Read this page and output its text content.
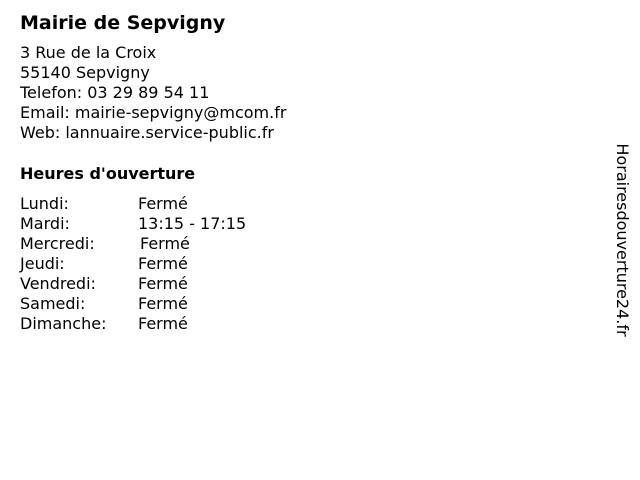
Mairie de Sepvigny
3 Rue de la Croix
55140 Sepvigny
Telefon: 03 29 89 54 11
Email: mairie-sepvigny@mcom.fr
Web: lannuaire.service-public.fr
Heures d'ouverture
Lundi:	Fermé
Mardi:	13:15 - 17:15
Mercredi:	Fermé
Jeudi:	Fermé
Vendredi:	Fermé
Samedi:	Fermé
Dimanche: Fermé	Horairesdouverture24.fr
